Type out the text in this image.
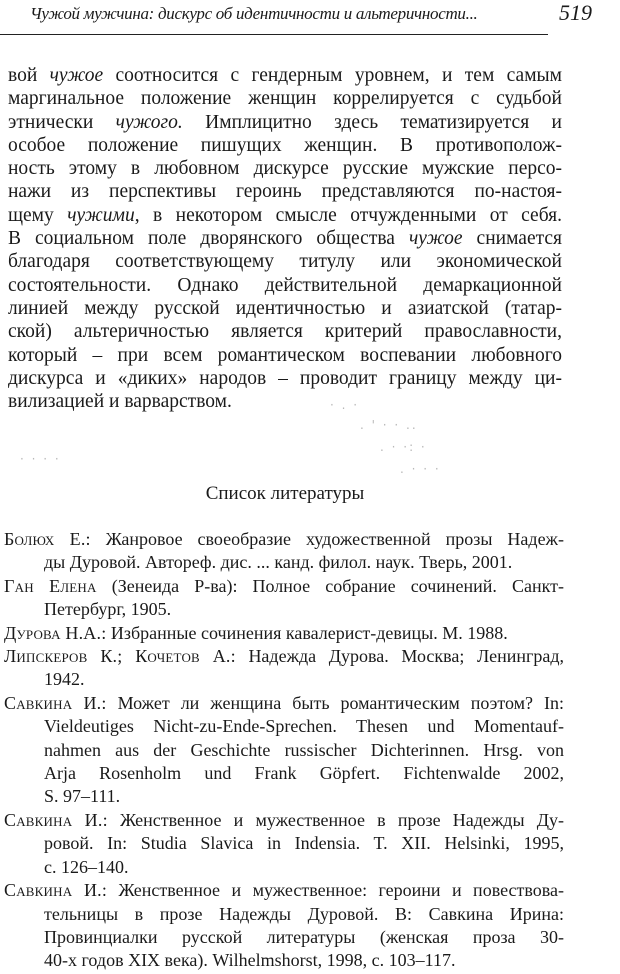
Чужой мужчина: дискурс об идентичности и альтеричности...	519
вой чужое соотносится с гендерным уровнем, и тем самым
маргинальное положение женщин коррелируется с судьбой
этнически чужого. Имплицитно здесь тематизируется и
особое положение пишущих женщин. В противополож-
ность этому в любовном дискурсе русские мужские персо-
нажи из перспективы героинь представляются по-настоя-
щему чужими, в некотором смысле отчужденными от себя.
В социальном поле дворянского общества чужое снимается
благодаря соответствующему титулу или экономической
состоятельности. Однако действительной демаркационной
линией между русской идентичностью и азиатской (татар-
ской) альтеричностью является критерий православности,
который – при всем романтическом воспевании любовного
дискурса и «диких» народов – проводит границу между ци-
вилизацией и варварством.	· . ·
. ' · · ..
· · · ·
. · ·: ·
. · · ·
Список литературы
Болюх Е.: Жанровое своеобразие художественной прозы Надеж-
ды Дуровой. Автореф. дис. ... канд. филол. наук. Тверь, 2001.
Ган Елена (Зенеида Р-ва): Полное собрание сочинений. Санкт-
Петербург, 1905.
Дурова Н.А.: Избранные сочинения кавалерист-девицы. М. 1988.
Липскеров К.; Кочетов А.: Надежда Дурова. Москва; Ленинград,
1942.
Савкина И.: Может ли женщина быть романтическим поэтом? In:
Vieldeutiges Nicht-zu-Ende-Sprechen. Thesen und Momentauf-
nahmen aus der Geschichte russischer Dichterinnen. Hrsg. von
Arja Rosenholm und Frank Göpfert. Fichtenwalde 2002,
S. 97–111.
Савкина И.: Женственное и мужественное в прозе Надежды Ду-
ровой. In: Studia Slavica in Indensia. T. XII. Helsinki, 1995,
с. 126–140.
Савкина И.: Женственное и мужественное: героини и повествова-
тельницы в прозе Надежды Дуровой. В: Савкина Ирина:
Провинциалки русской литературы (женская проза 30-
40-х годов XIX века). Wilhelmshorst, 1998, с. 103–117.
